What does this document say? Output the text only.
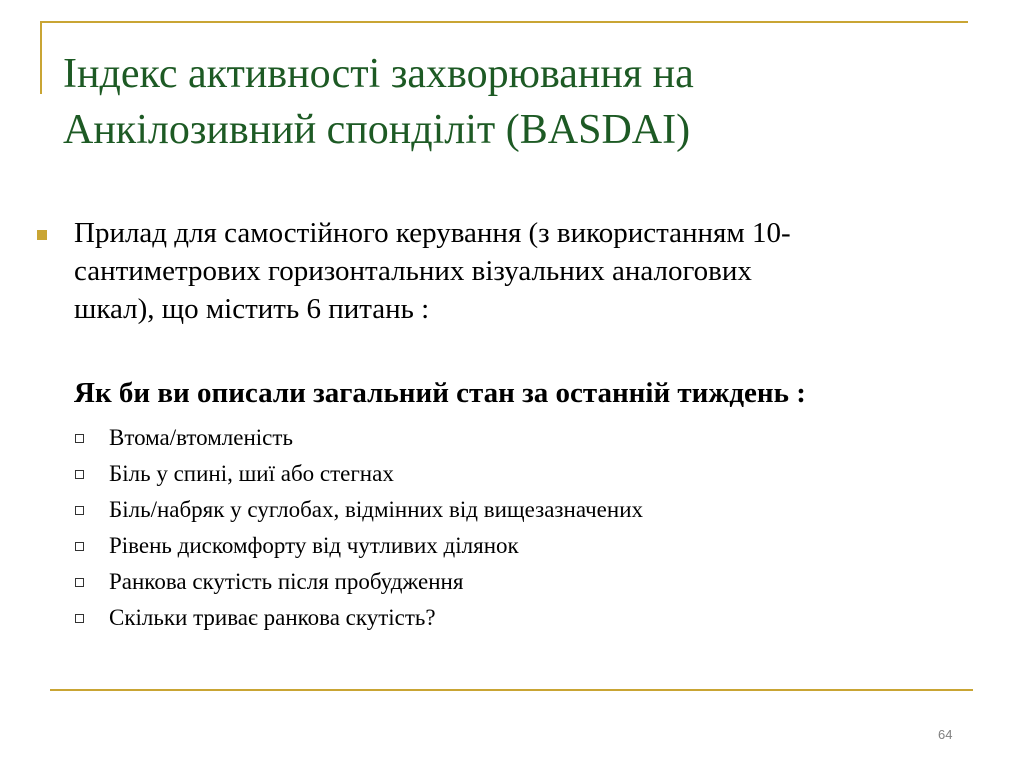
Індекс активності захворювання на
Анкілозивний спонділіт (BASDAI)
Прилад для самостійного керування (з використанням 10-
сантиметрових горизонтальних візуальних аналогових
шкал), що містить 6 питань :
Як би ви описали загальний стан за останній тиждень :
Втома/втомленість
Біль у спині, шиї або стегнах
Біль/набряк у суглобах, відмінних від вищезазначених
Рівень дискомфорту від чутливих ділянок
Ранкова скутість після пробудження
Скільки триває ранкова скутість?
64
